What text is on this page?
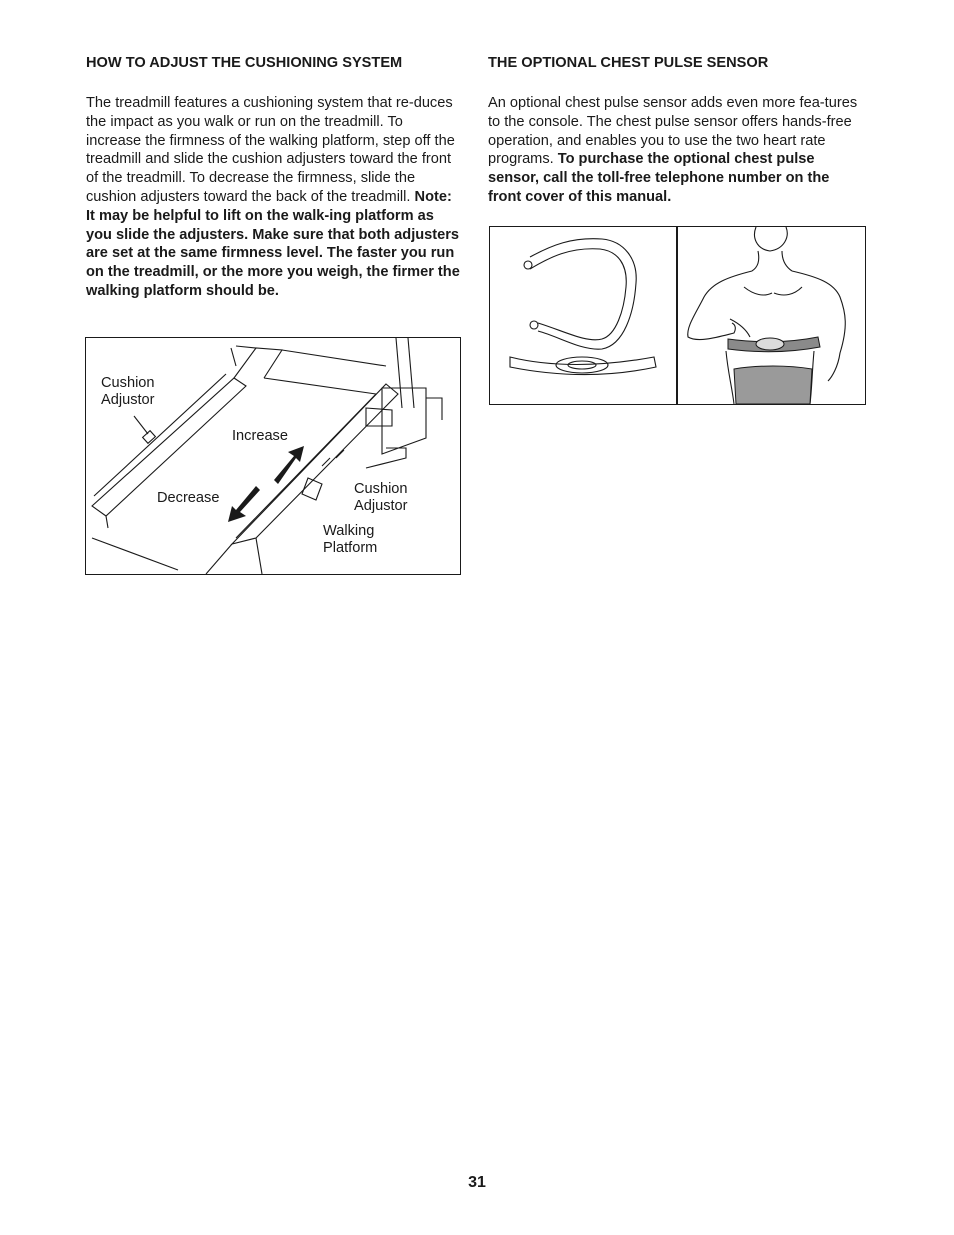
HOW TO ADJUST THE CUSHIONING SYSTEM

The treadmill features a cushioning system that re-duces the impact as you walk or run on the treadmill. To increase the firmness of the walking platform, step off the treadmill and slide the cushion adjusters toward the front of the treadmill. To decrease the firmness, slide the cushion adjusters toward the back of the treadmill. Note: It may be helpful to lift on the walk-ing platform as you slide the adjusters. Make sure that both adjusters are set at the same firmness level. The faster you run on the treadmill, or the more you weigh, the firmer the walking platform should be.

Cushion
Adjustor
Increase
Decrease
Cushion
Adjustor
Walking
Platform
THE OPTIONAL CHEST PULSE SENSOR

An optional chest pulse sensor adds even more fea-tures to the console. The chest pulse sensor offers hands-free operation, and enables you to use the two heart rate programs. To purchase the optional chest pulse sensor, call the toll-free telephone number on the front cover of this manual.

31
